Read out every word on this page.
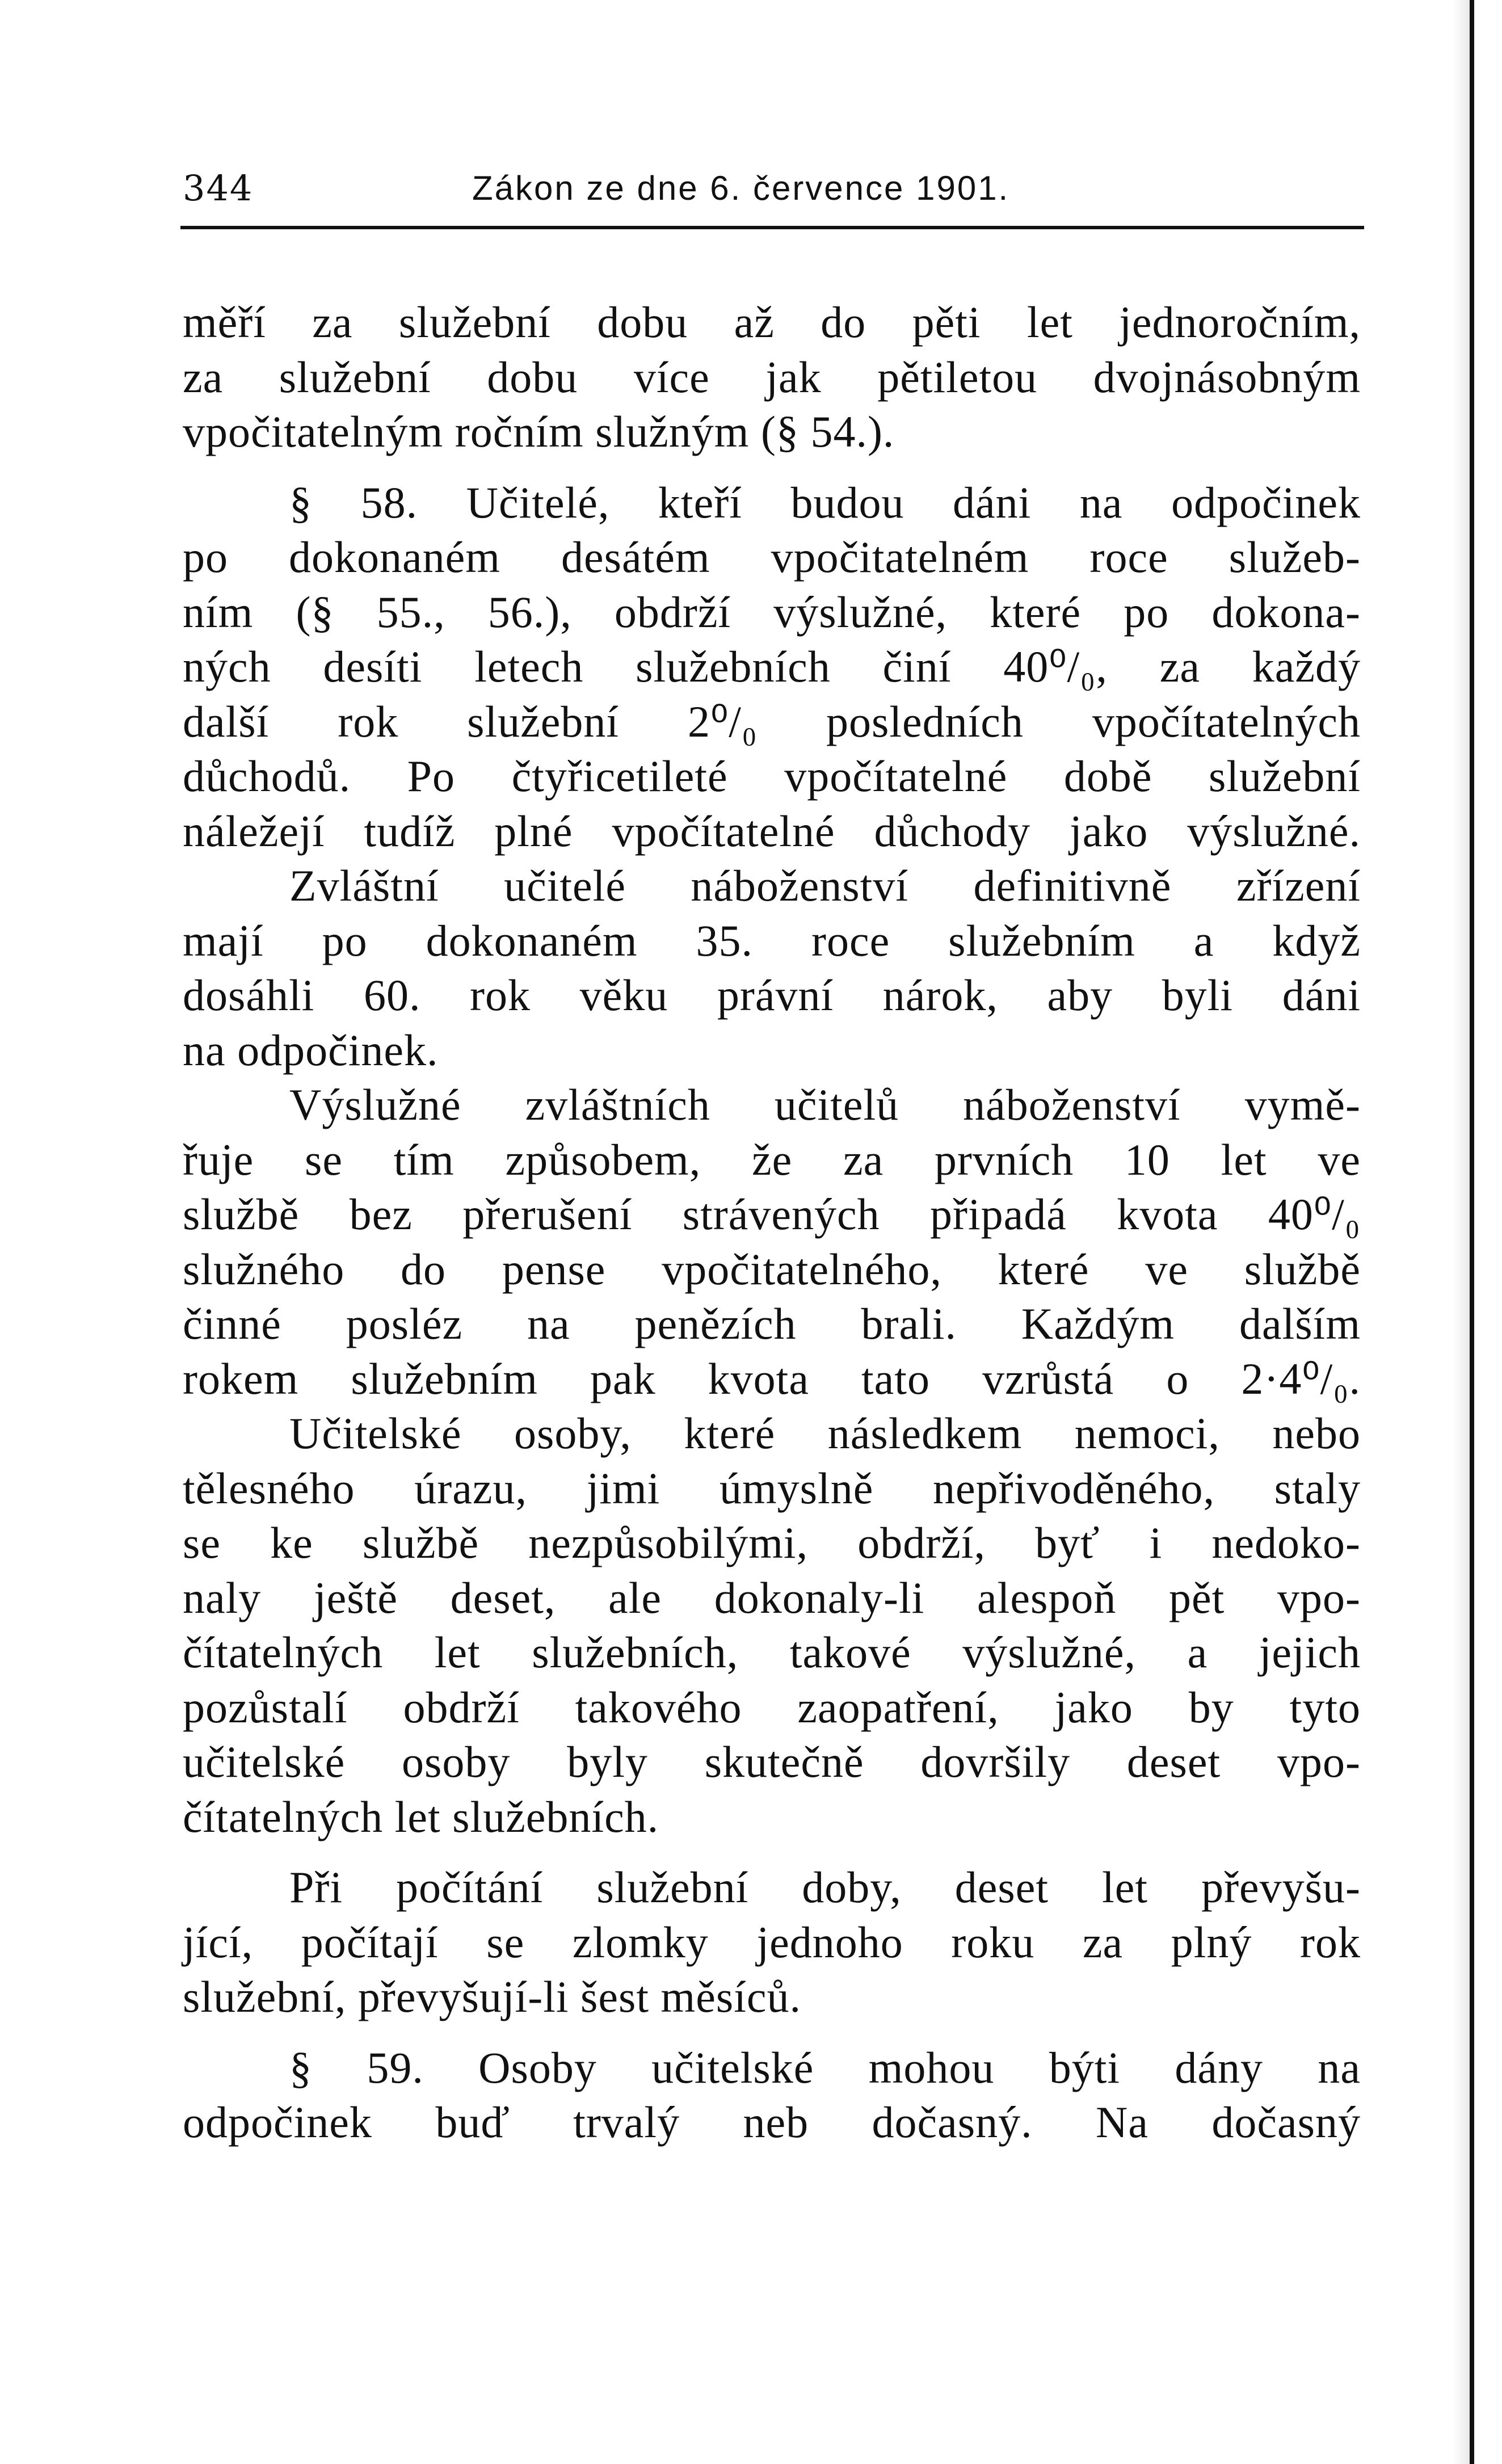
344	Zákon ze dne 6. července 1901.
měří za služební dobu až do pěti let jednoročním,
za služební dobu více jak pětiletou dvojnásobným
vpočitatelným ročním služným (§ 54.).
§ 58. Učitelé, kteří budou dáni na odpočinek
po dokonaném desátém vpočitatelném roce služeb-
ním (§ 55., 56.), obdrží výslužné, které po dokona-
ných desíti letech služebních činí 40⁰/₀, za každý
další rok služební 2⁰/₀ posledních vpočítatelných
důchodů. Po čtyřicetileté vpočítatelné době služební
náležejí tudíž plné vpočítatelné důchody jako výslužné.
Zvláštní učitelé náboženství definitivně zřízení
mají po dokonaném 35. roce služebním a když
dosáhli 60. rok věku právní nárok, aby byli dáni
na odpočinek.
Výslužné zvláštních učitelů náboženství vymě-
řuje se tím způsobem, že za prvních 10 let ve
službě bez přerušení strávených připadá kvota 40⁰/₀
služného do pense vpočitatelného, které ve službě
činné posléz na penězích brali. Každým dalším
rokem služebním pak kvota tato vzrůstá o 2·4⁰/₀.
Učitelské osoby, které následkem nemoci, nebo
tělesného úrazu, jimi úmyslně nepřivoděného, staly
se ke službě nezpůsobilými, obdrží, byť i nedoko-
naly ještě deset, ale dokonaly-li alespoň pět vpo-
čítatelných let služebních, takové výslužné, a jejich
pozůstalí obdrží takového zaopatření, jako by tyto
učitelské osoby byly skutečně dovršily deset vpo-
čítatelných let služebních.
Při počítání služební doby, deset let převyšu-
jící, počítají se zlomky jednoho roku za plný rok
služební, převyšují-li šest měsíců.
§ 59. Osoby učitelské mohou býti dány na
odpočinek buď trvalý neb dočasný. Na dočasný
